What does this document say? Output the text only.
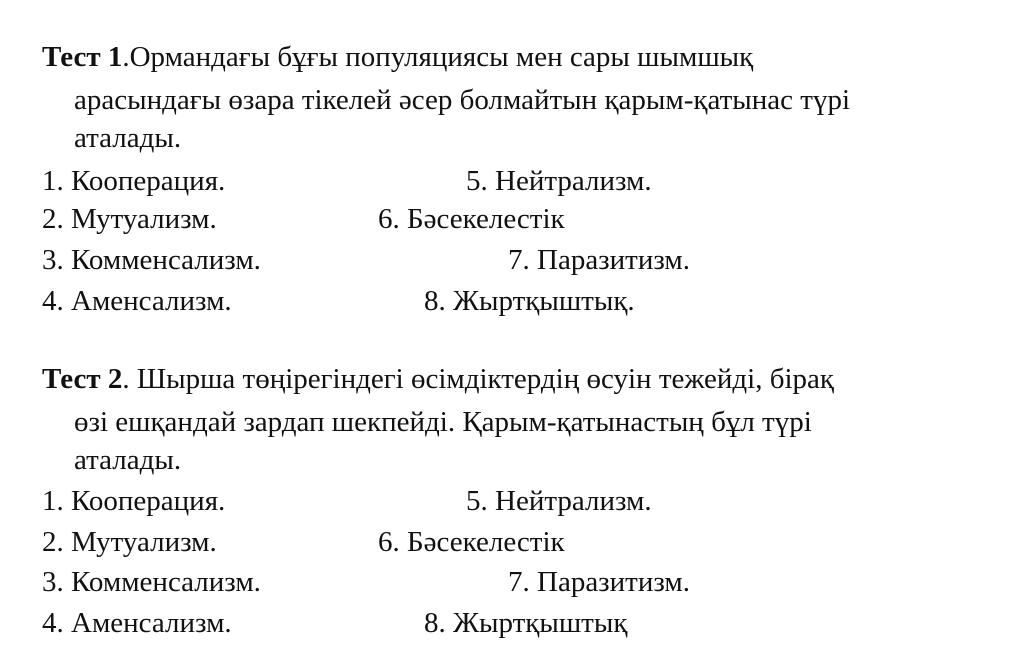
Тест 1.Ормандағы бұғы популяциясы мен сары шымшық
арасындағы өзара тікелей әсер болмайтын қарым-қатынас түрі
аталады.
1. Кооперация.
2. Мутуализм.
3. Комменсализм.
4. Аменсализм.
5. Нейтрализм.
6. Бәсекелестік
7. Паразитизм.
8. Жыртқыштық.
Тест 2. Шырша төңірегіндегі өсімдіктердің өсуін тежейді, бірақ
өзі ешқандай зардап шекпейді. Қарым-қатынастың бұл түрі
аталады.
1. Кооперация.
2. Мутуализм.
3. Комменсализм.
4. Аменсализм.
5. Нейтрализм.
6. Бәсекелестік
7. Паразитизм.
8. Жыртқыштық
